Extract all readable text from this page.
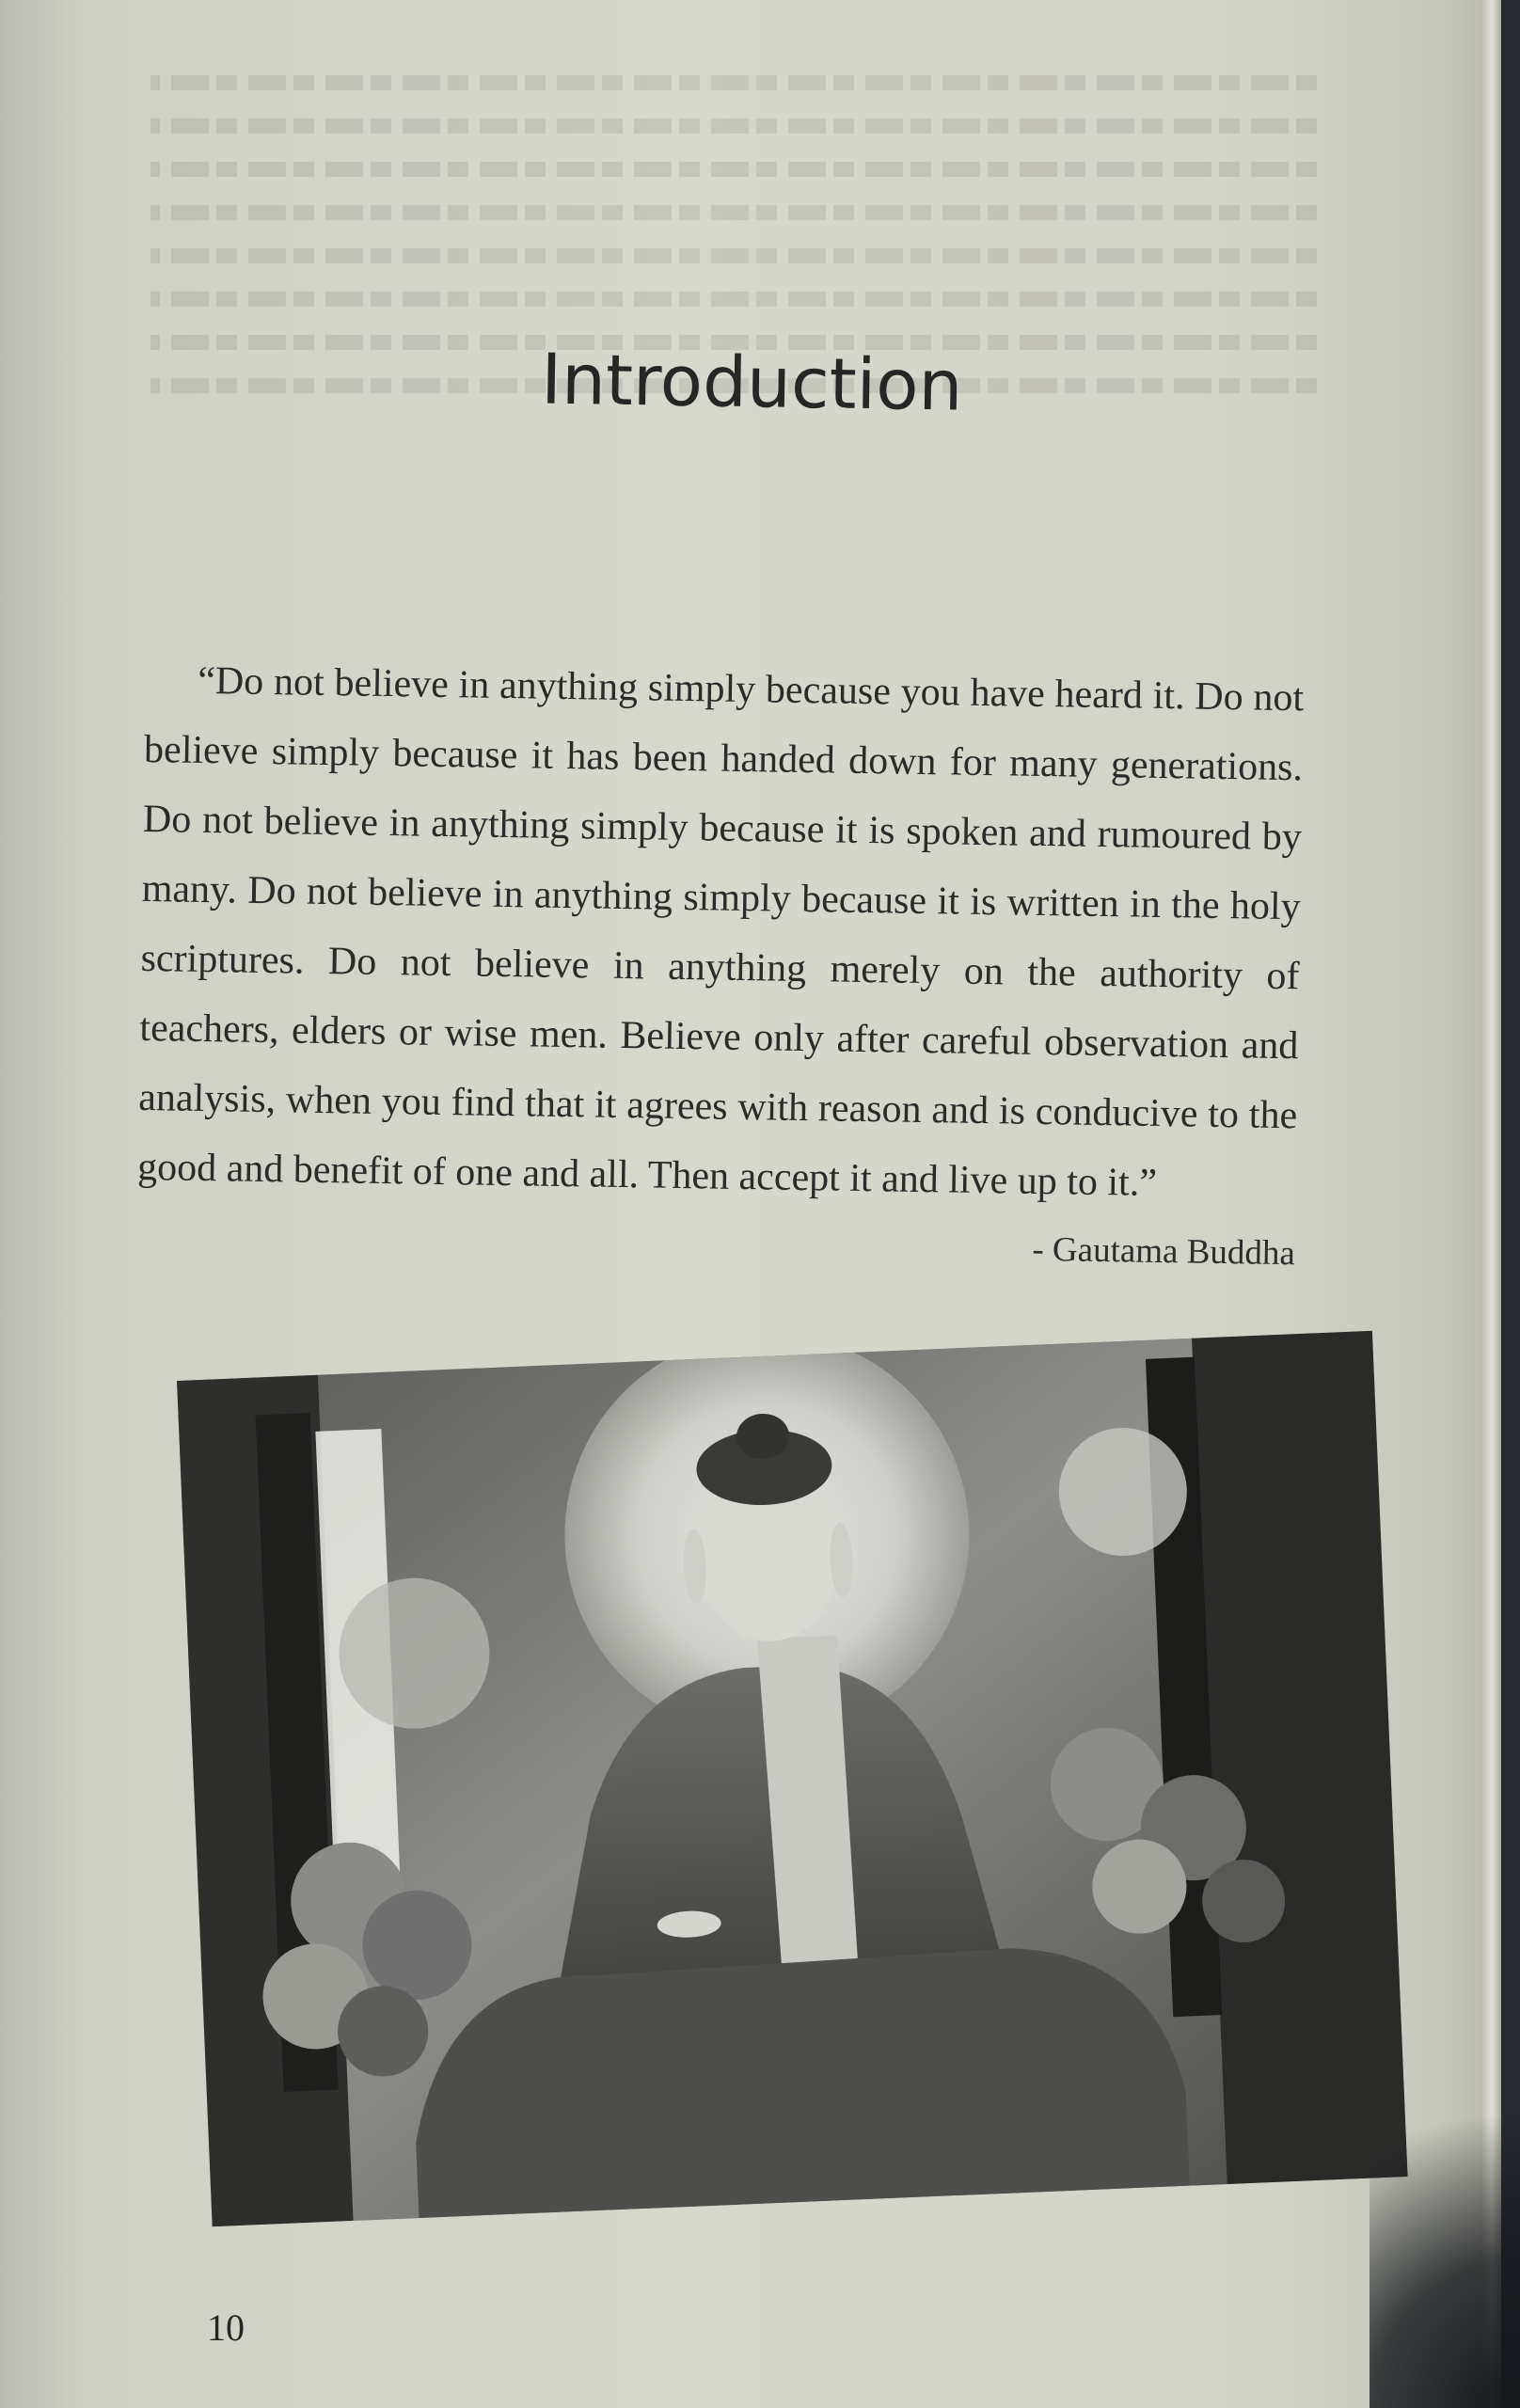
Introduction

“Do not believe in anything simply because you have heard it. Do not believe simply because it has been handed down for many generations. Do not believe in anything simply because it is spoken and rumoured by many. Do not believe in anything simply because it is written in the holy scriptures. Do not believe in anything merely on the authority of teachers, elders or wise men. Believe only after careful observation and analysis, when you find that it agrees with reason and is conducive to the good and benefit of one and all. Then accept it and live up to it.”

- Gautama Buddha

10
